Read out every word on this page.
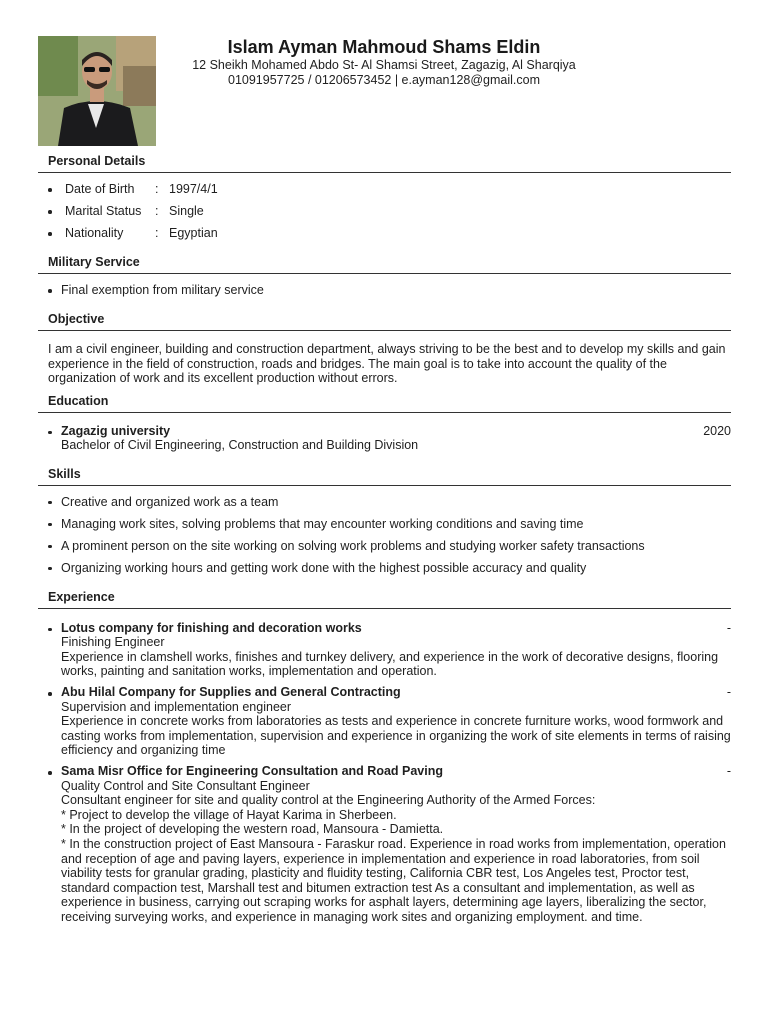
Islam Ayman Mahmoud Shams Eldin
12 Sheikh Mohamed Abdo St- Al Shamsi Street, Zagazig, Al Sharqiya
01091957725 / 01206573452 | e.ayman128@gmail.com
Personal Details
Date of Birth : 1997/4/1
Marital Status : Single
Nationality	: Egyptian
Military Service
Final exemption from military service
Objective
I am a civil engineer, building and construction department, always striving to be the best and to develop my skills and gain experience in the field of construction, roads and bridges. The main goal is to take into account the quality of the organization of work and its excellent production without errors.
Education
Zagazig university	2020
Bachelor of Civil Engineering, Construction and Building Division
Skills
Creative and organized work as a team
Managing work sites, solving problems that may encounter working conditions and saving time
A prominent person on the site working on solving work problems and studying worker safety transactions
Organizing working hours and getting work done with the highest possible accuracy and quality
Experience
Lotus company for finishing and decoration works	-
Finishing Engineer
Experience in clamshell works, finishes and turnkey delivery, and experience in the work of decorative designs, flooring works, painting and sanitation works, implementation and operation.
Abu Hilal Company for Supplies and General Contracting	-
Supervision and implementation engineer
Experience in concrete works from laboratories as tests and experience in concrete furniture works, wood formwork and casting works from implementation, supervision and experience in organizing the work of site elements in terms of raising efficiency and organizing time
Sama Misr Office for Engineering Consultation and Road Paving	-
Quality Control and Site Consultant Engineer
Consultant engineer for site and quality control at the Engineering Authority of the Armed Forces:
* Project to develop the village of Hayat Karima in Sherbeen.
* In the project of developing the western road, Mansoura - Damietta.
* In the construction project of East Mansoura - Faraskur road. Experience in road works from implementation, operation and reception of age and paving layers, experience in implementation and experience in road laboratories, from soil viability tests for granular grading, plasticity and fluidity testing, California CBR test, Los Angeles test, Proctor test, standard compaction test, Marshall test and bitumen extraction test As a consultant and implementation, as well as experience in business, carrying out scraping works for asphalt layers, determining age layers, liberalizing the sector, receiving surveying works, and experience in managing work sites and organizing employment. and time.
